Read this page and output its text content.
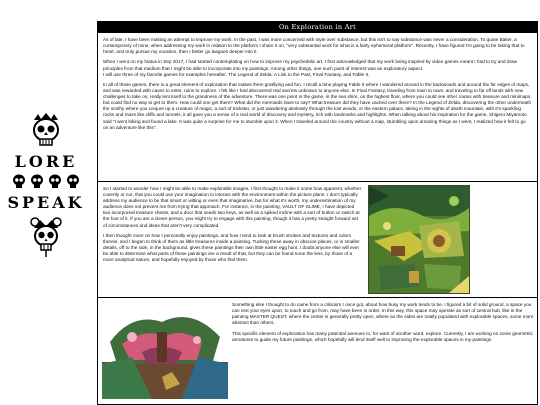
LORE
SPEAK
On Exploration in Art

As of late, I have been making an attempt to improve my work. In the past, I was more concerned with style over substance, but this isn't to say substance was never a consideration. To quote Baker, a contemporary of mine, when addressing my work in relation to the platform I share it on, "very substantial work for what is a fairly ephemeral platform". Recently, I have figured I'm going to be taking that to heart, and truly pursue my vocation, then I better go leagues deeper into it.

When I went on my hiatus in Sep 2017, I had started contemplating on how to improve my psychedelic art. I first acknowledged that my work being inspired by video games meant I had to try and draw principles from that medium that I might be able to incorporate into my paintings. Among other things, one such point of interest was an exploratory aspect.
I will use three of my favorite games for examples hereafter. The Legend of Zelda: A Link to the Past, Final Fantasy, and Fable II.

In all of these games, there is a great element of exploration that makes them gratifying and fun. I recall a time playing Fable II where I wandered around in the backwoods and around the far edges of maps, and was rewarded with caves to enter, ruins to explore. I felt like I had discovered real secrets unknown to anyone else. In Final Fantasy, traveling from town to town, and traveling to far off lands with new challenges to take on, really lent itself to the grandness of the adventure. There was one point in the game, in the sea shire, on the highest floor, where you could see other routes with treasure and minimaps, but could find no way to get to them. How could one get there? What did the mermaids have to say? What treasure did they have cached over there? In the Legend of Zelda, discovering the other underneath the smithy where you conjure up a creature of magic, a sort of trickster, or just wandering aimlessly through the lost woods, or the eastern palace, taking in the sights of death mountain, with it's sparkling rocks and maze like cliffs and tunnels, it all gave you a sense of a real world of discovery and mystery, rich with landmarks and highlights. When talking about his inspiration for the game, Shigeru Miyamoto said "I went hiking and found a lake. It was quite a surprise for me to stumble upon it. When I traveled around the country without a map, stumbling upon amazing things as I went, I realized how it felt to go on an adventure like this".

So I started to wonder how I might be able to make explorable images. I first thought to make it some how apparent, whether covertly or not, that you could use your imagination to interact with the environment within the picture plane. I don't typically address my audience to be that smart or witting or even that imaginative, but for what it's worth, my underestimation of my audience does not prevent me from trying that approach. For instance, in the painting, VAULT OF SLIME, I have depicted two incorporeal treasure chests, and a door that needs two keys, as well as a spiked incline with a sort of button or switch at the foot of it. If you are a clever person, you might try to engage with this painting, though it has a pretty straight forward set of circumstances and ideas that aren't very complicated.

I then thought more on how I personally enjoy paintings, and how I tend to look at brush strokes and textures and colors therein, and I began to think of them as little treasures inside a painting. Tucking these away in obscure places, or in smaller details, off to the side, in the background, gives these paintings their own little easter egg hunt. I doubt anyone else will ever be able to determine what parts of these paintings are a result of that, but they can be found none the less, by those of a more analytical nature, and hopefully enjoyed by those who find them.

Something else I thought to do came from a criticism I once got, about how busy my work tends to be. I figured a bit of solid ground, a space you can rest your eyes upon, to touch and go from, may have been in order. In this way, this space may operate as sort of central hub, like in the painting MASTER QUEST, where the center is generally pretty open, where as the sides are totally populated with explorable spaces, some more abstract than others.

This specific element of exploration has many potential avenues to, for want of another word, explore. Currently, I am working on some geometric armatures to guide my future paintings, which hopefully will lend itself well to improving the explorable spaces in my paintings.
